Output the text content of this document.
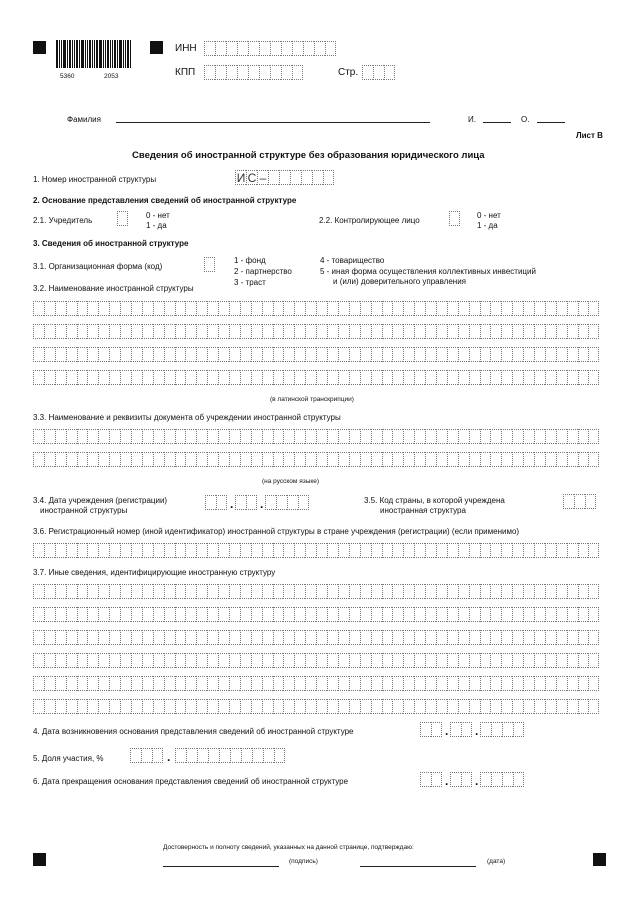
5360	2053
ИНН
КПП	Стр.
Фамилия	И.	О.
Лист В
Сведения об иностранной структуре без образования юридического лица
1. Номер иностранной структуры	И С –
2. Основание представления сведений об иностранной структуре
2.1. Учредитель
0 - нет
1 - да
2.2. Контролирующее лицо
0 - нет
1 - да
3. Сведения об иностранной структуре
3.1. Организационная форма (код)
1 - фонд
2 - партнерство
3 - траст
4 - товарищество
5 - иная форма осуществления коллективных инвестиций
и (или) доверительного управления
3.2. Наименование иностранной структуры
(в латинской транскрипции)
3.3. Наименование и реквизиты документа об учреждении иностранной структуры
(на русском языке)
3.4. Дата учреждения (регистрации)
иностранной структуры	. .	3.5. Код страны, в которой учреждена
иностранная структура
3.6. Регистрационный номер (иной идентификатор) иностранной структуры в стране учреждения (регистрации) (если применимо)
3.7. Иные сведения, идентифицирующие иностранную структуру
4. Дата возникновения основания представления сведений об иностранной структуре	. .
5. Доля участия, %	.
6. Дата прекращения основания представления сведений об иностранной структуре	. .
Достоверность и полноту сведений, указанных на данной странице, подтверждаю:
(подпись)	(дата)
